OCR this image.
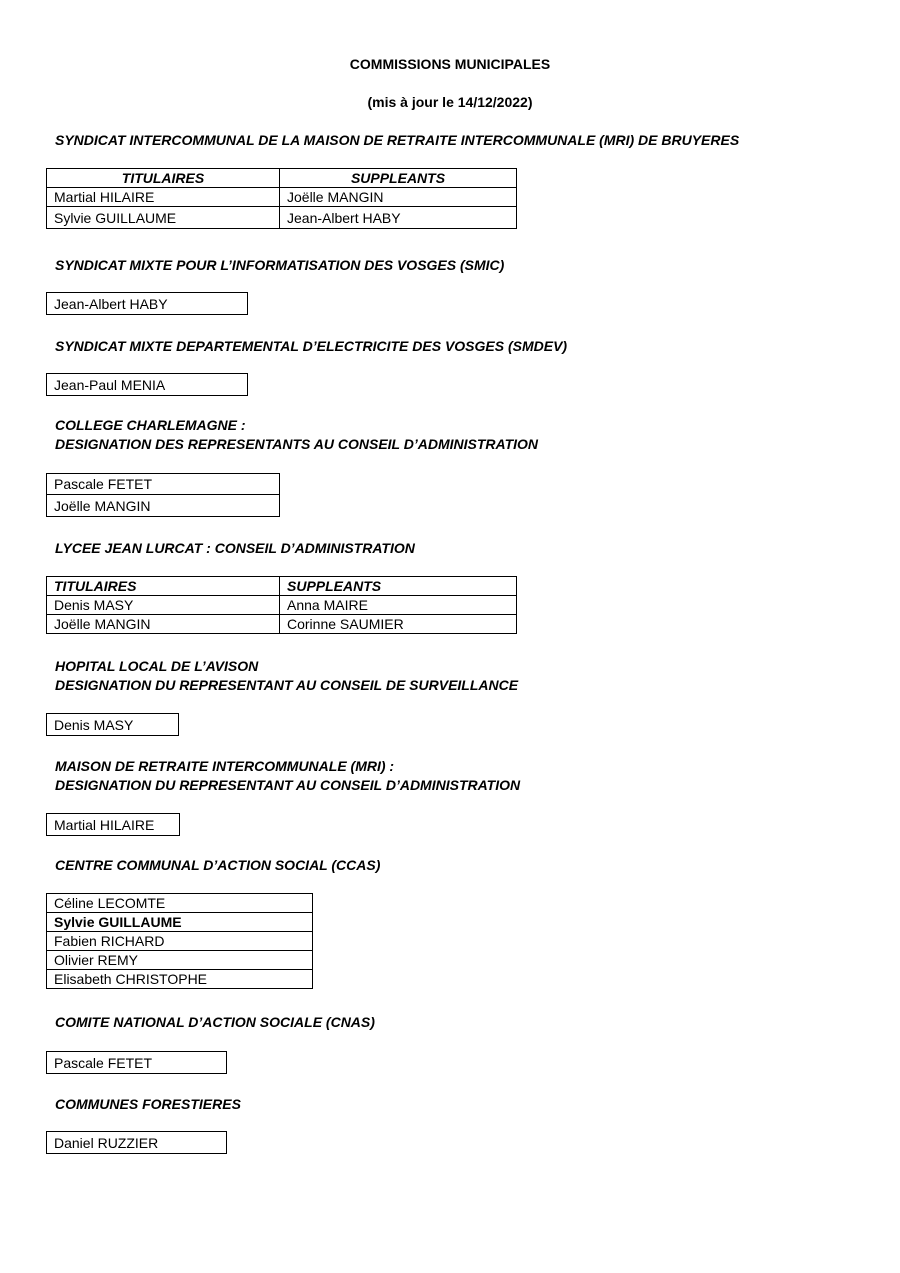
COMMISSIONS MUNICIPALES
(mis à jour le 14/12/2022)
SYNDICAT INTERCOMMUNAL DE LA MAISON DE RETRAITE INTERCOMMUNALE (MRI) DE BRUYERES
TITULAIRES	SUPPLEANTS
Martial HILAIRE	Joëlle MANGIN
Sylvie GUILLAUME	Jean-Albert HABY
SYNDICAT MIXTE POUR L’INFORMATISATION DES VOSGES (SMIC)
Jean-Albert HABY
SYNDICAT MIXTE DEPARTEMENTAL D’ELECTRICITE DES VOSGES (SMDEV)
Jean-Paul MENIA
COLLEGE CHARLEMAGNE :
DESIGNATION DES REPRESENTANTS AU CONSEIL D’ADMINISTRATION
Pascale FETET
Joëlle MANGIN
LYCEE JEAN LURCAT : CONSEIL D’ADMINISTRATION
TITULAIRES	SUPPLEANTS
Denis MASY	Anna MAIRE
Joëlle MANGIN	Corinne SAUMIER
HOPITAL LOCAL DE L’AVISON
DESIGNATION DU REPRESENTANT AU CONSEIL DE SURVEILLANCE
Denis MASY
MAISON DE RETRAITE INTERCOMMUNALE (MRI) :
DESIGNATION DU REPRESENTANT AU CONSEIL D’ADMINISTRATION
Martial HILAIRE
CENTRE COMMUNAL D’ACTION SOCIAL (CCAS)
Céline LECOMTE
Sylvie GUILLAUME
Fabien RICHARD
Olivier REMY
Elisabeth CHRISTOPHE
COMITE NATIONAL D’ACTION SOCIALE (CNAS)
Pascale FETET
COMMUNES FORESTIERES
Daniel RUZZIER
